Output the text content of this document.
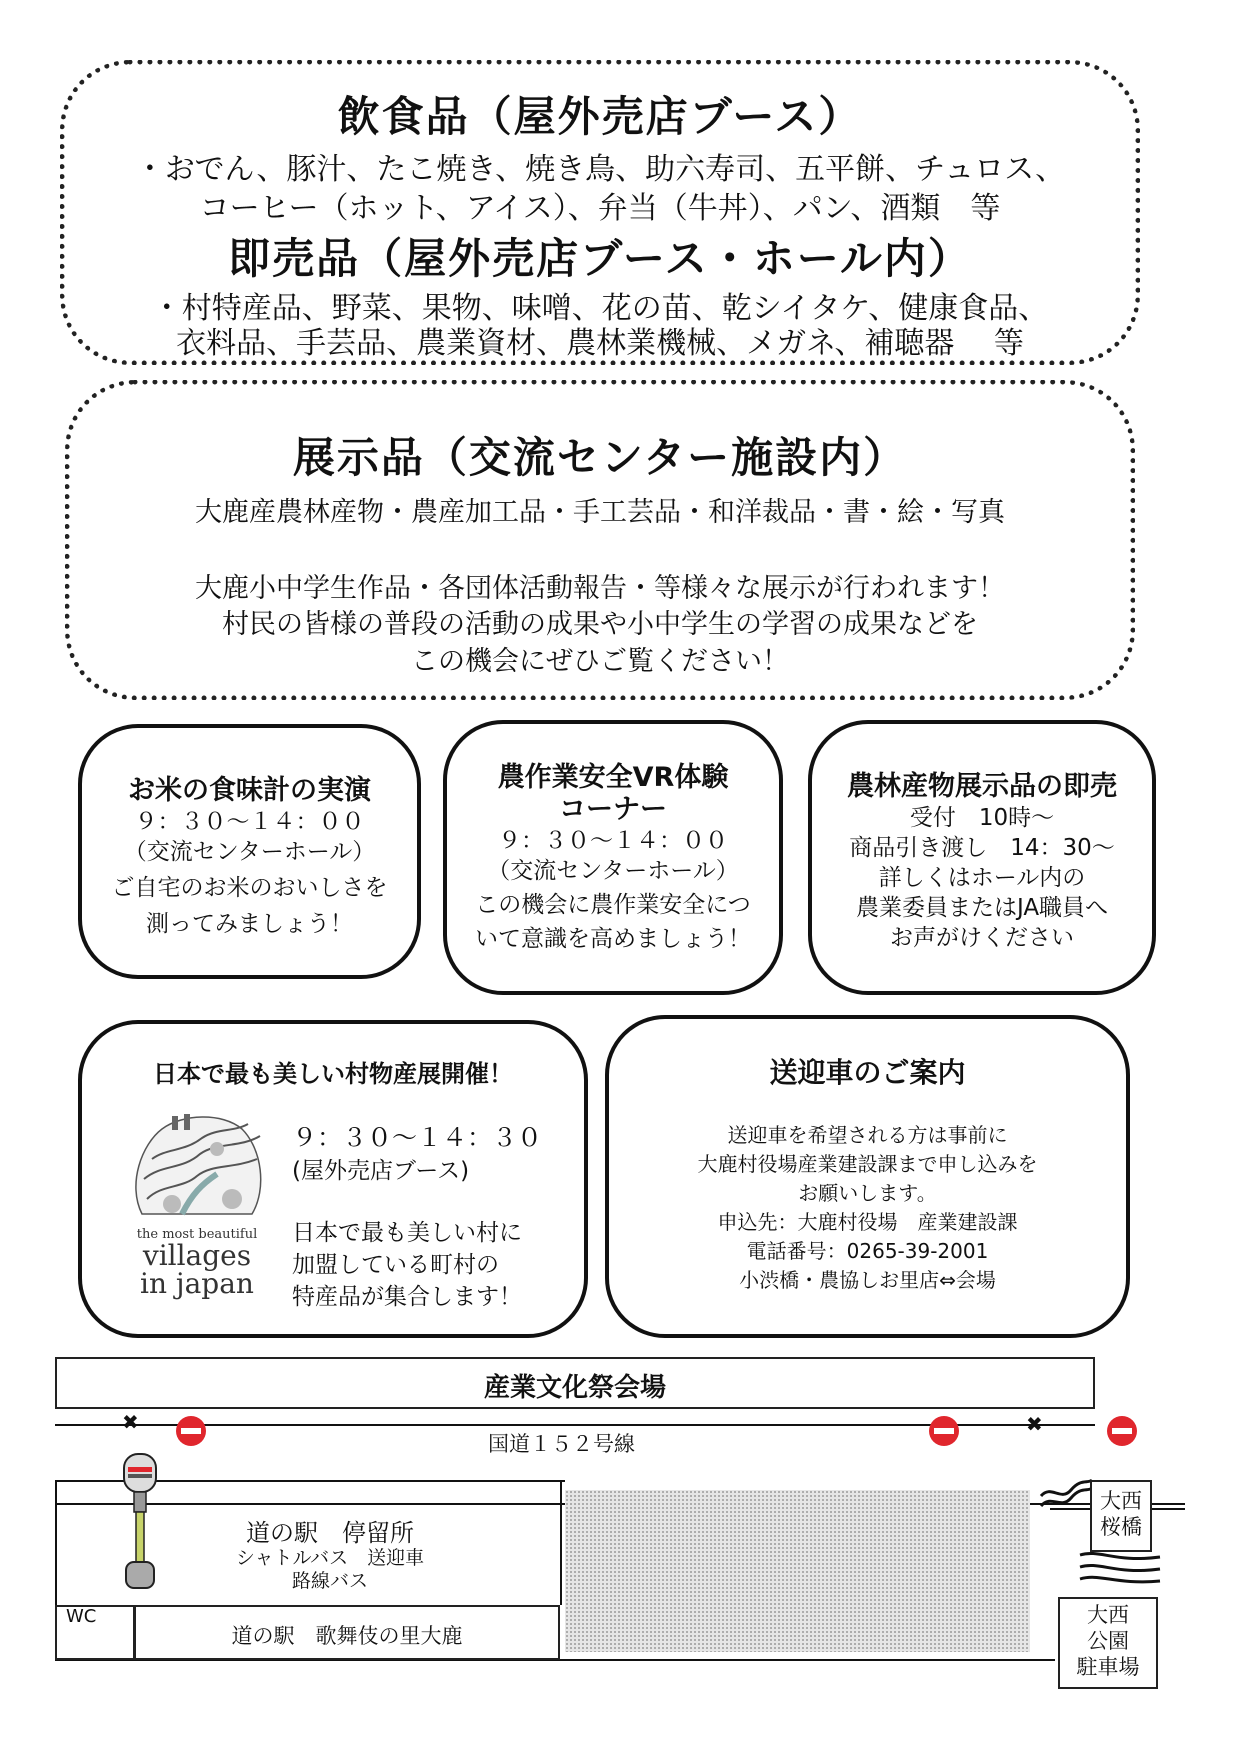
飲食品（屋外売店ブース）
・おでん、豚汁、たこ焼き、焼き鳥、助六寿司、五平餅、チュロス、
コーヒー（ホット、アイス）、弁当（牛丼）、パン、酒類　等
即売品（屋外売店ブース・ホール内）
・村特産品、野菜、果物、味噌、花の苗、乾シイタケ、健康食品、
衣料品、手芸品、農業資材、農林業機械、メガネ、補聴器　 等
展示品（交流センター施設内）
大鹿産農林産物・農産加工品・手工芸品・和洋裁品・書・絵・写真
大鹿小中学生作品・各団体活動報告・等様々な展示が行われます！
村民の皆様の普段の活動の成果や小中学生の学習の成果などを
この機会にぜひご覧ください！
お米の食味計の実演
９：３０～１４：００
（交流センターホール）
ご自宅のお米のおいしさを
測ってみましょう！
農作業安全VR体験
コーナー
９：３０～１４：００
（交流センターホール）
この機会に農作業安全につ
いて意識を高めましょう！
農林産物展示品の即売
受付　10時～
商品引き渡し　14：30～
詳しくはホール内の
農業委員またはJA職員へ
お声がけください
日本で最も美しい村物産展開催！
the most beautiful
villages
in japan
９：３０～１４：３０
(屋外売店ブース)
日本で最も美しい村に
加盟している町村の
特産品が集合します！
送迎車のご案内
送迎車を希望される方は事前に
大鹿村役場産業建設課まで申し込みを
お願いします。
申込先：大鹿村役場　産業建設課
電話番号：0265-39-2001
小渋橋・農協しお里店⇔会場
産業文化祭会場
国道１５２号線
✖	✖
道の駅　停留所
シャトルバス　送迎車
路線バス
WC
道の駅　歌舞伎の里大鹿
大西
桜橋
大西
公園
駐車場
